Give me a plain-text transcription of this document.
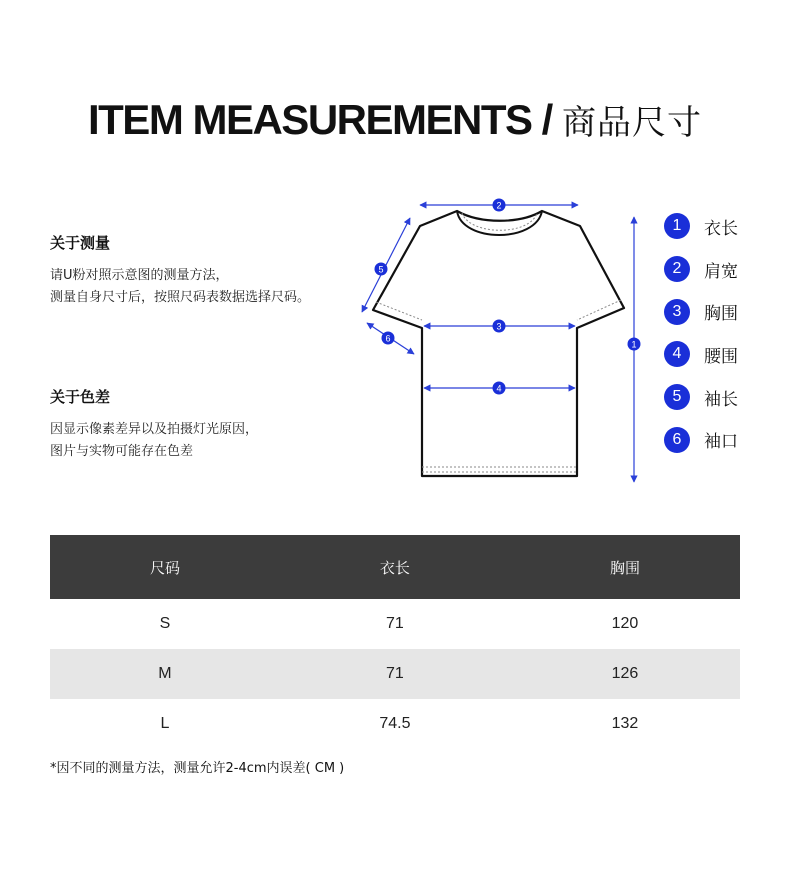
ITEM MEASUREMENTS / 商品尺寸
关于测量
请U粉对照示意图的测量方法，
测量自身尺寸后，按照尺码表数据选择尺码。
关于色差
因显示像素差异以及拍摄灯光原因，
图片与实物可能存在色差
1
2
3
4
5
6
1	衣长
2	肩宽
3	胸围
4	腰围
5	袖长
6	袖口
尺码	衣长	胸围
S	71	120
M	71	126
L	74.5	132
*因不同的测量方法，测量允许2-4cm内误差( CM )
